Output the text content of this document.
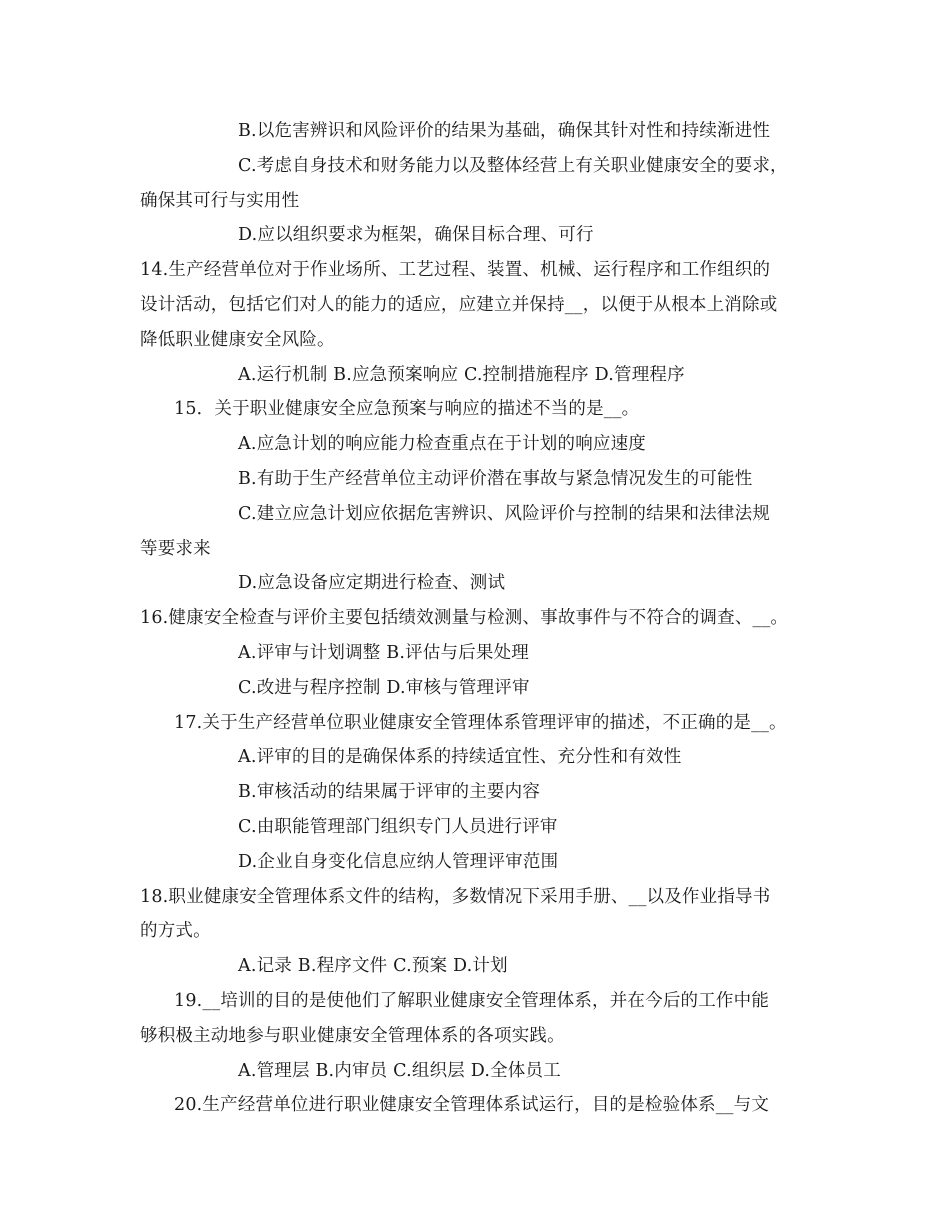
B.以危害辨识和风险评价的结果为基础，确保其针对性和持续渐进性
C.考虑自身技术和财务能力以及整体经营上有关职业健康安全的要求，
确保其可行与实用性
D.应以组织要求为框架，确保目标合理、可行
14.生产经营单位对于作业场所、工艺过程、装置、机械、运行程序和工作组织的
设计活动，包括它们对人的能力的适应，应建立并保持__，以便于从根本上消除或
降低职业健康安全风险。
A.运行机制 B.应急预案响应 C.控制措施程序 D.管理程序
15．关于职业健康安全应急预案与响应的描述不当的是__。
A.应急计划的响应能力检查重点在于计划的响应速度
B.有助于生产经营单位主动评价潜在事故与紧急情况发生的可能性
C.建立应急计划应依据危害辨识、风险评价与控制的结果和法律法规
等要求来
D.应急设备应定期进行检查、测试
16.健康安全检查与评价主要包括绩效测量与检测、事故事件与不符合的调查、__。
A.评审与计划调整 B.评估与后果处理
C.改进与程序控制 D.审核与管理评审
17.关于生产经营单位职业健康安全管理体系管理评审的描述，不正确的是__。
A.评审的目的是确保体系的持续适宜性、充分性和有效性
B.审核活动的结果属于评审的主要内容
C.由职能管理部门组织专门人员进行评审
D.企业自身变化信息应纳人管理评审范围
18.职业健康安全管理体系文件的结构，多数情况下采用手册、__以及作业指导书
的方式。
A.记录 B.程序文件 C.预案 D.计划
19.__培训的目的是使他们了解职业健康安全管理体系，并在今后的工作中能
够积极主动地参与职业健康安全管理体系的各项实践。
A.管理层 B.内审员 C.组织层 D.全体员工
20.生产经营单位进行职业健康安全管理体系试运行，目的是检验体系__与文
